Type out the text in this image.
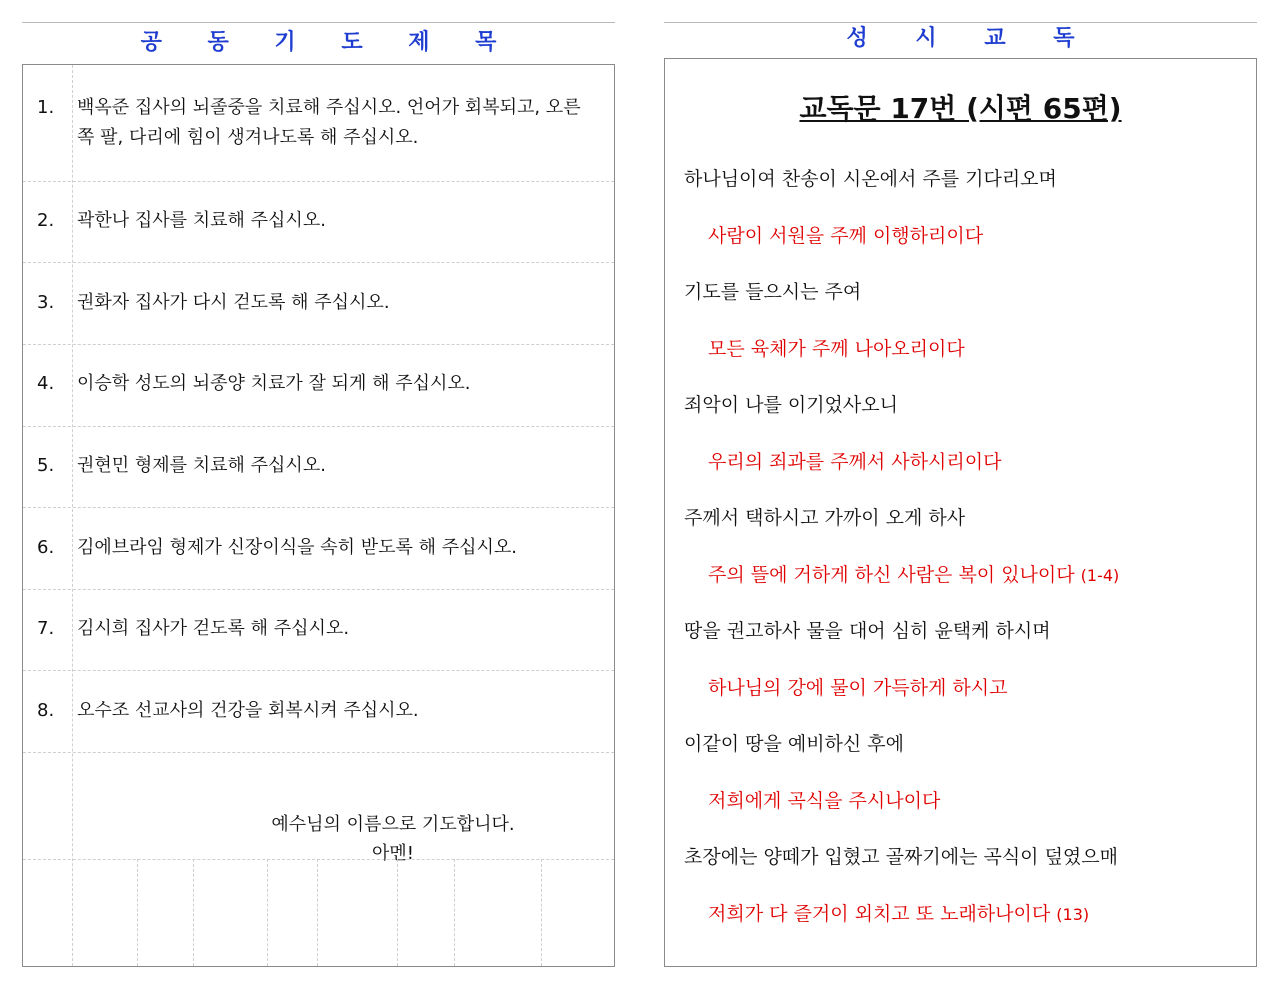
공 동 기 도 제 목
1.	백옥준 집사의 뇌졸중을 치료해 주십시오. 언어가 회복되고, 오른쪽 팔, 다리에 힘이 생겨나도록 해 주십시오.

2.	곽한나 집사를 치료해 주십시오.

3.	권화자 집사가 다시 걷도록 해 주십시오.

4.	이승학 성도의 뇌종양 치료가 잘 되게 해 주십시오.

5.	권현민 형제를 치료해 주십시오.

6.	김에브라임 형제가 신장이식을 속히 받도록 해 주십시오.

7.	김시희 집사가 걷도록 해 주십시오.

8.	오수조 선교사의 건강을 회복시켜 주십시오.

예수님의 이름으로 기도합니다.
아멘!
성 시 교 독
교독문 17번 (시편 65편)
하나님이여 찬송이 시온에서 주를 기다리오며
사람이 서원을 주께 이행하리이다
기도를 들으시는 주여
모든 육체가 주께 나아오리이다
죄악이 나를 이기었사오니
우리의 죄과를 주께서 사하시리이다
주께서 택하시고 가까이 오게 하사
주의 뜰에 거하게 하신 사람은 복이 있나이다 (1-4)
땅을 권고하사 물을 대어 심히 윤택케 하시며
하나님의 강에 물이 가득하게 하시고
이같이 땅을 예비하신 후에
저희에게 곡식을 주시나이다
초장에는 양떼가 입혔고 골짜기에는 곡식이 덮였으매
저희가 다 즐거이 외치고 또 노래하나이다 (13)
